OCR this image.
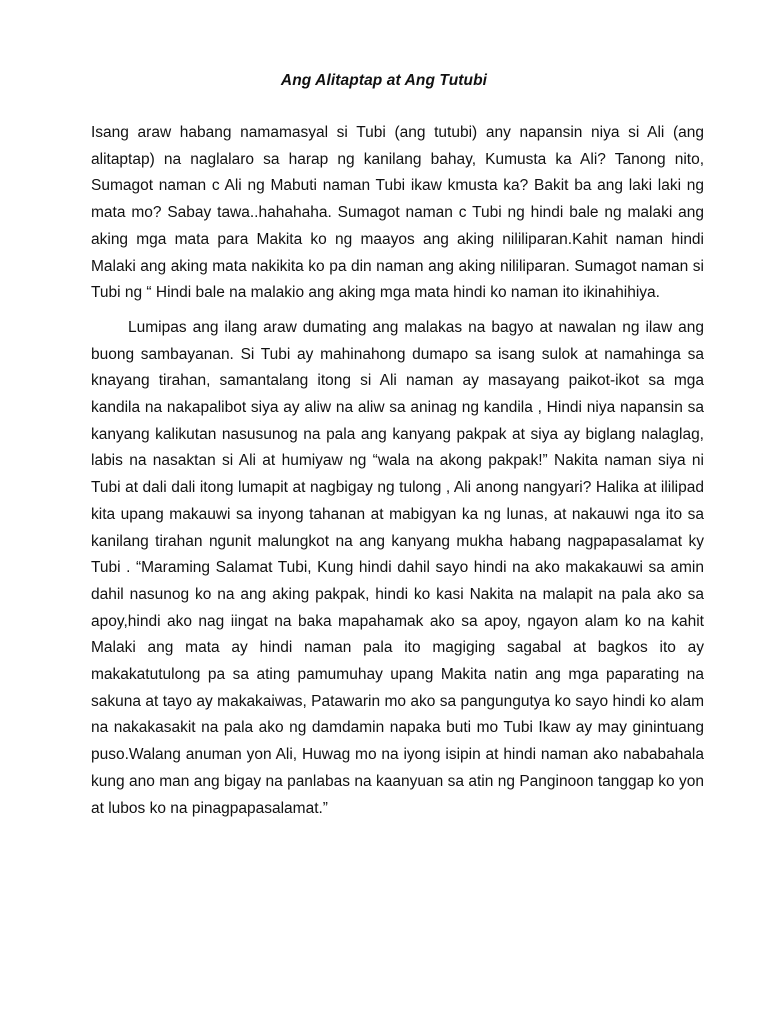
Ang Alitaptap at Ang Tutubi

Isang araw habang namamasyal si Tubi (ang tutubi) any napansin niya si Ali (ang alitaptap) na naglalaro sa harap ng kanilang bahay, Kumusta ka Ali? Tanong nito, Sumagot naman c Ali ng Mabuti naman Tubi ikaw kmusta ka? Bakit ba ang laki laki ng mata mo? Sabay tawa..hahahaha. Sumagot naman c Tubi ng hindi bale ng malaki ang aking mga mata para Makita ko ng maayos ang aking nililiparan.Kahit naman hindi Malaki ang aking mata nakikita ko pa din naman ang aking nililiparan. Sumagot naman si Tubi ng “ Hindi bale na malakio ang aking mga mata hindi ko naman ito ikinahihiya.

Lumipas ang ilang araw dumating ang malakas na bagyo at nawalan ng ilaw ang buong sambayanan. Si Tubi ay mahinahong dumapo sa isang sulok at namahinga sa knayang tirahan, samantalang itong si Ali naman ay masayang paikot-ikot sa mga kandila na nakapalibot siya ay aliw na aliw sa aninag ng kandila , Hindi niya napansin sa kanyang kalikutan nasusunog na pala ang kanyang pakpak at siya ay biglang nalaglag, labis na nasaktan si Ali at humiyaw ng “wala na akong pakpak!” Nakita naman siya ni Tubi at dali dali itong lumapit at nagbigay ng tulong , Ali anong nangyari? Halika at ililipad kita upang makauwi sa inyong tahanan at mabigyan ka ng lunas, at nakauwi nga ito sa kanilang tirahan ngunit malungkot na ang kanyang mukha habang nagpapasalamat ky Tubi . “Maraming Salamat Tubi, Kung hindi dahil sayo hindi na ako makakauwi sa amin dahil nasunog ko na ang aking pakpak, hindi ko kasi Nakita na malapit na pala ako sa apoy,hindi ako nag iingat na baka mapahamak ako sa apoy, ngayon alam ko na kahit Malaki ang mata ay hindi naman pala ito magiging sagabal at bagkos ito ay makakatutulong pa sa ating pamumuhay upang Makita natin ang mga paparating na sakuna at tayo ay makakaiwas, Patawarin mo ako sa pangungutya ko sayo hindi ko alam na nakakasakit na pala ako ng damdamin napaka buti mo Tubi Ikaw ay may ginintuang puso.Walang anuman yon Ali, Huwag mo na iyong isipin at hindi naman ako nababahala kung ano man ang bigay na panlabas na kaanyuan sa atin ng Panginoon tanggap ko yon at lubos ko na pinagpapasalamat.”
